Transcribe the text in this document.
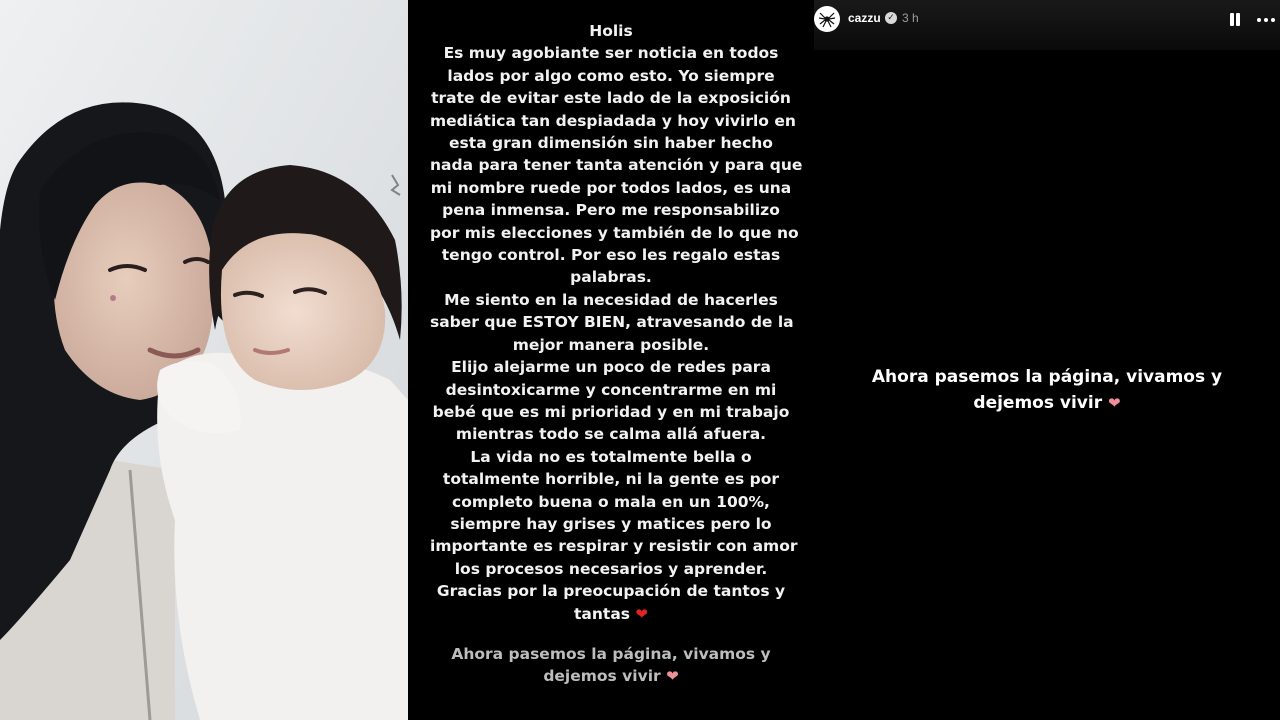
Holis
Es muy agobiante ser noticia en todos
lados por algo como esto. Yo siempre
trate de evitar este lado de la exposición
mediática tan despiadada y hoy vivirlo en
esta gran dimensión sin haber hecho
nada para tener tanta atención y para que
mi nombre ruede por todos lados, es una
pena inmensa. Pero me responsabilizo
por mis elecciones y también de lo que no
tengo control. Por eso les regalo estas
palabras.
Me siento en la necesidad de hacerles
saber que ESTOY BIEN, atravesando de la
mejor manera posible.
Elijo alejarme un poco de redes para
desintoxicarme y concentrarme en mi
bebé que es mi prioridad y en mi trabajo
mientras todo se calma allá afuera.
La vida no es totalmente bella o
totalmente horrible, ni la gente es por
completo buena o mala en un 100%,
siempre hay grises y matices pero lo
importante es respirar y resistir con amor
los procesos necesarios y aprender.
Gracias por la preocupación de tantos y
tantas ❤
Ahora pasemos la página, vivamos y
dejemos vivir ❤
cazzu ✓ 3 h
Ahora pasemos la página, vivamos y
dejemos vivir ❤
